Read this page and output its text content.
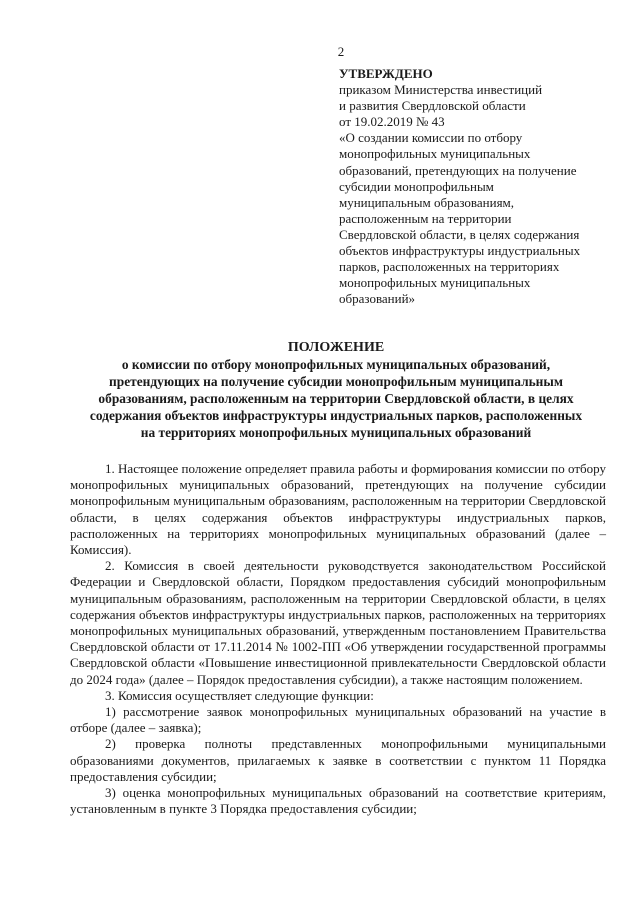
2
УТВЕРЖДЕНО
приказом Министерства инвестиций
и развития Свердловской области
от 19.02.2019 № 43
«О создании комиссии по отбору
монопрофильных муниципальных
образований, претендующих на получение
субсидии монопрофильным
муниципальным образованиям,
расположенным на территории
Свердловской области, в целях содержания
объектов инфраструктуры индустриальных
парков, расположенных на территориях
монопрофильных муниципальных
образований»
ПОЛОЖЕНИЕ
о комиссии по отбору монопрофильных муниципальных образований,
претендующих на получение субсидии монопрофильным муниципальным
образованиям, расположенным на территории Свердловской области, в целях
содержания объектов инфраструктуры индустриальных парков, расположенных
на территориях монопрофильных муниципальных образований

1. Настоящее положение определяет правила работы и формирования комиссии по отбору монопрофильных муниципальных образований, претендующих на получение субсидии монопрофильным муниципальным образованиям, расположенным на территории Свердловской области, в целях содержания объектов инфраструктуры индустриальных парков, расположенных на территориях монопрофильных муниципальных образований (далее – Комиссия).

2. Комиссия в своей деятельности руководствуется законодательством Российской Федерации и Свердловской области, Порядком предоставления субсидий монопрофильным муниципальным образованиям, расположенным на территории Свердловской области, в целях содержания объектов инфраструктуры индустриальных парков, расположенных на территориях монопрофильных муниципальных образований, утвержденным постановлением Правительства Свердловской области от 17.11.2014 № 1002-ПП «Об утверждении государственной программы Свердловской области «Повышение инвестиционной привлекательности Свердловской области до 2024 года» (далее – Порядок предоставления субсидии), а также настоящим положением.

3. Комиссия осуществляет следующие функции:

1) рассмотрение заявок монопрофильных муниципальных образований на участие в отборе (далее – заявка);

2) проверка полноты представленных монопрофильными муниципальными образованиями документов, прилагаемых к заявке в соответствии с пунктом 11 Порядка предоставления субсидии;

3) оценка монопрофильных муниципальных образований на соответствие критериям, установленным в пункте 3 Порядка предоставления субсидии;
